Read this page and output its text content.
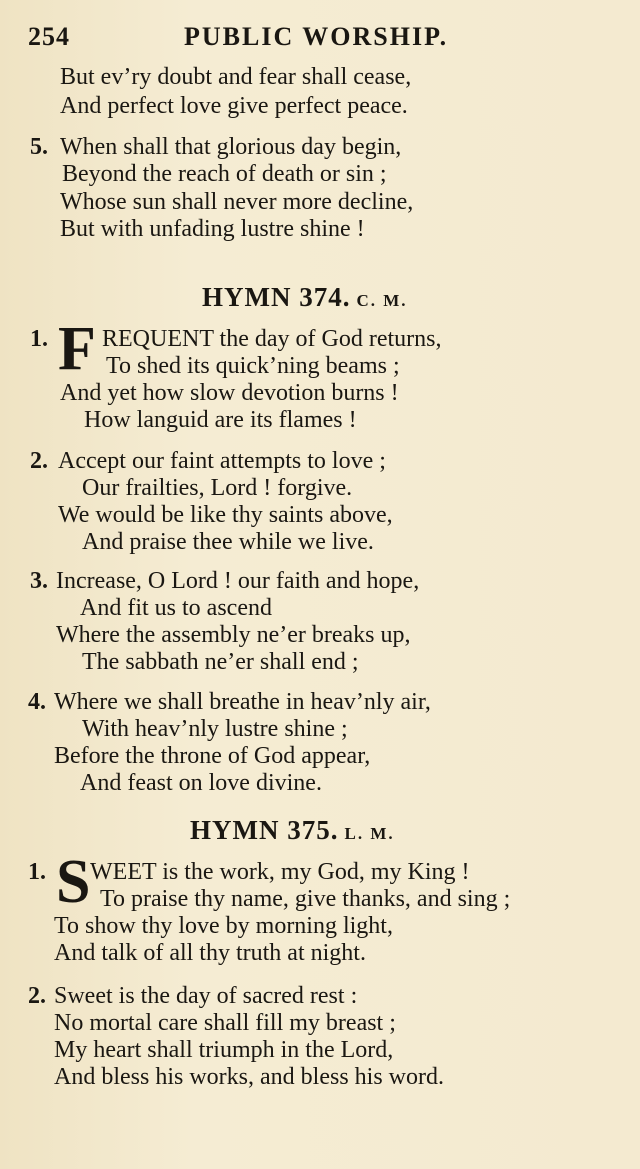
254	PUBLIC WORSHIP.
But ev’ry doubt and fear shall cease,
And perfect love give perfect peace.
5. When shall that glorious day begin,
Beyond the reach of death or sin ;
Whose sun shall never more decline,
But with unfading lustre shine !
HYMN 374. C. M.
1. F REQUENT the day of God returns,
To shed its quick’ning beams ;
And yet how slow devotion burns !
How languid are its flames !
2. Accept our faint attempts to love ;
Our frailties, Lord ! forgive.
We would be like thy saints above,
And praise thee while we live.
3. Increase, O Lord ! our faith and hope,
And fit us to ascend
Where the assembly ne’er breaks up,
The sabbath ne’er shall end ;
4. Where we shall breathe in heav’nly air,
With heav’nly lustre shine ;
Before the throne of God appear,
And feast on love divine.
HYMN 375. L. M.
1. S WEET is the work, my God, my King !
To praise thy name, give thanks, and sing ;
To show thy love by morning light,
And talk of all thy truth at night.
2. Sweet is the day of sacred rest :
No mortal care shall fill my breast ;
My heart shall triumph in the Lord,
And bless his works, and bless his word.
